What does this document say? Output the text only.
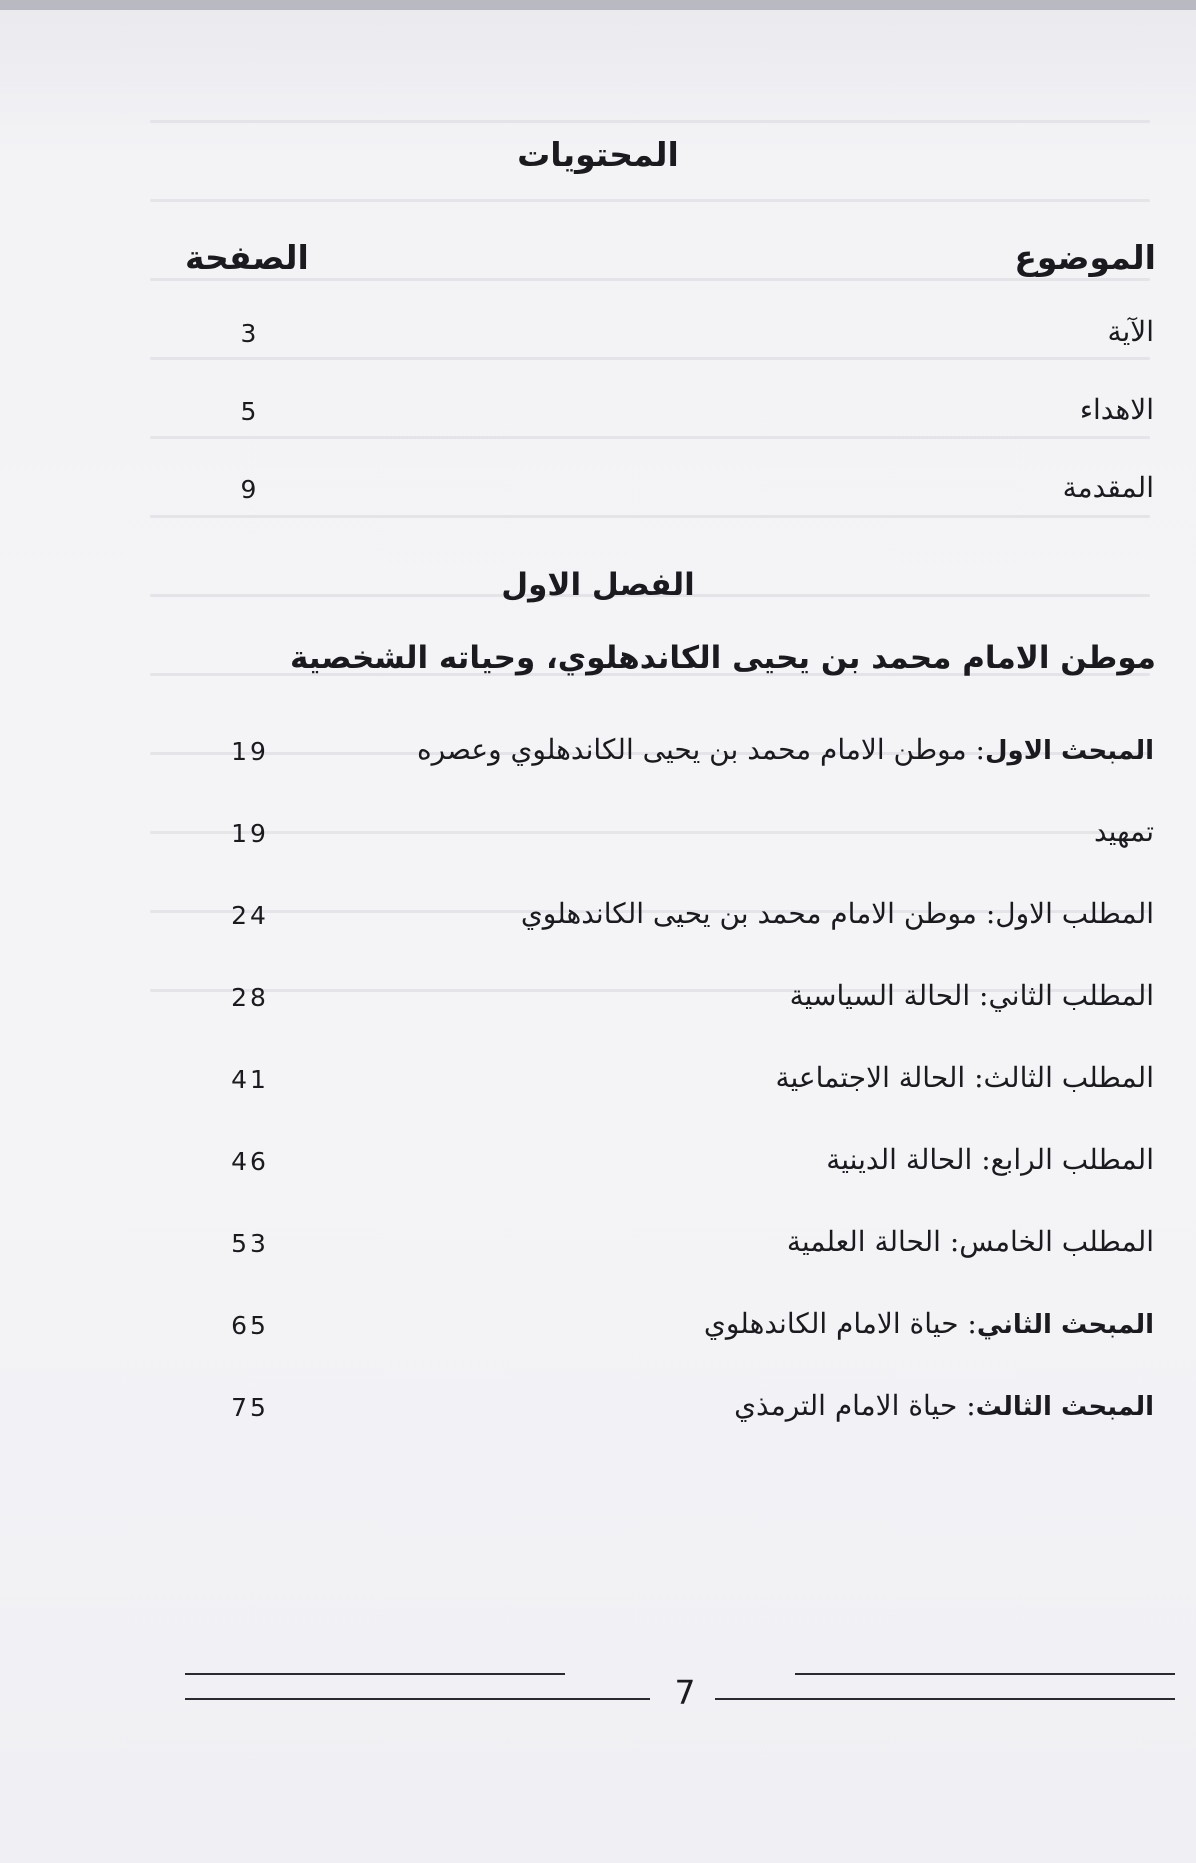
المحتويات
الموضوع
الصفحة
الآية
3
الاهداء
5
المقدمة
9
الفصل الاول
موطن الامام محمد بن يحيى الكاندهلوي، وحياته الشخصية
المبحث الاول: موطن الامام محمد بن يحيى الكاندهلوي وعصره
19
تمهيد
19
المطلب الاول: موطن الامام محمد بن يحيى الكاندهلوي
24
المطلب الثاني: الحالة السياسية
28
المطلب الثالث: الحالة الاجتماعية
41
المطلب الرابع: الحالة الدينية
46
المطلب الخامس: الحالة العلمية
53
المبحث الثاني: حياة الامام الكاندهلوي
65
المبحث الثالث: حياة الامام الترمذي
75
7
